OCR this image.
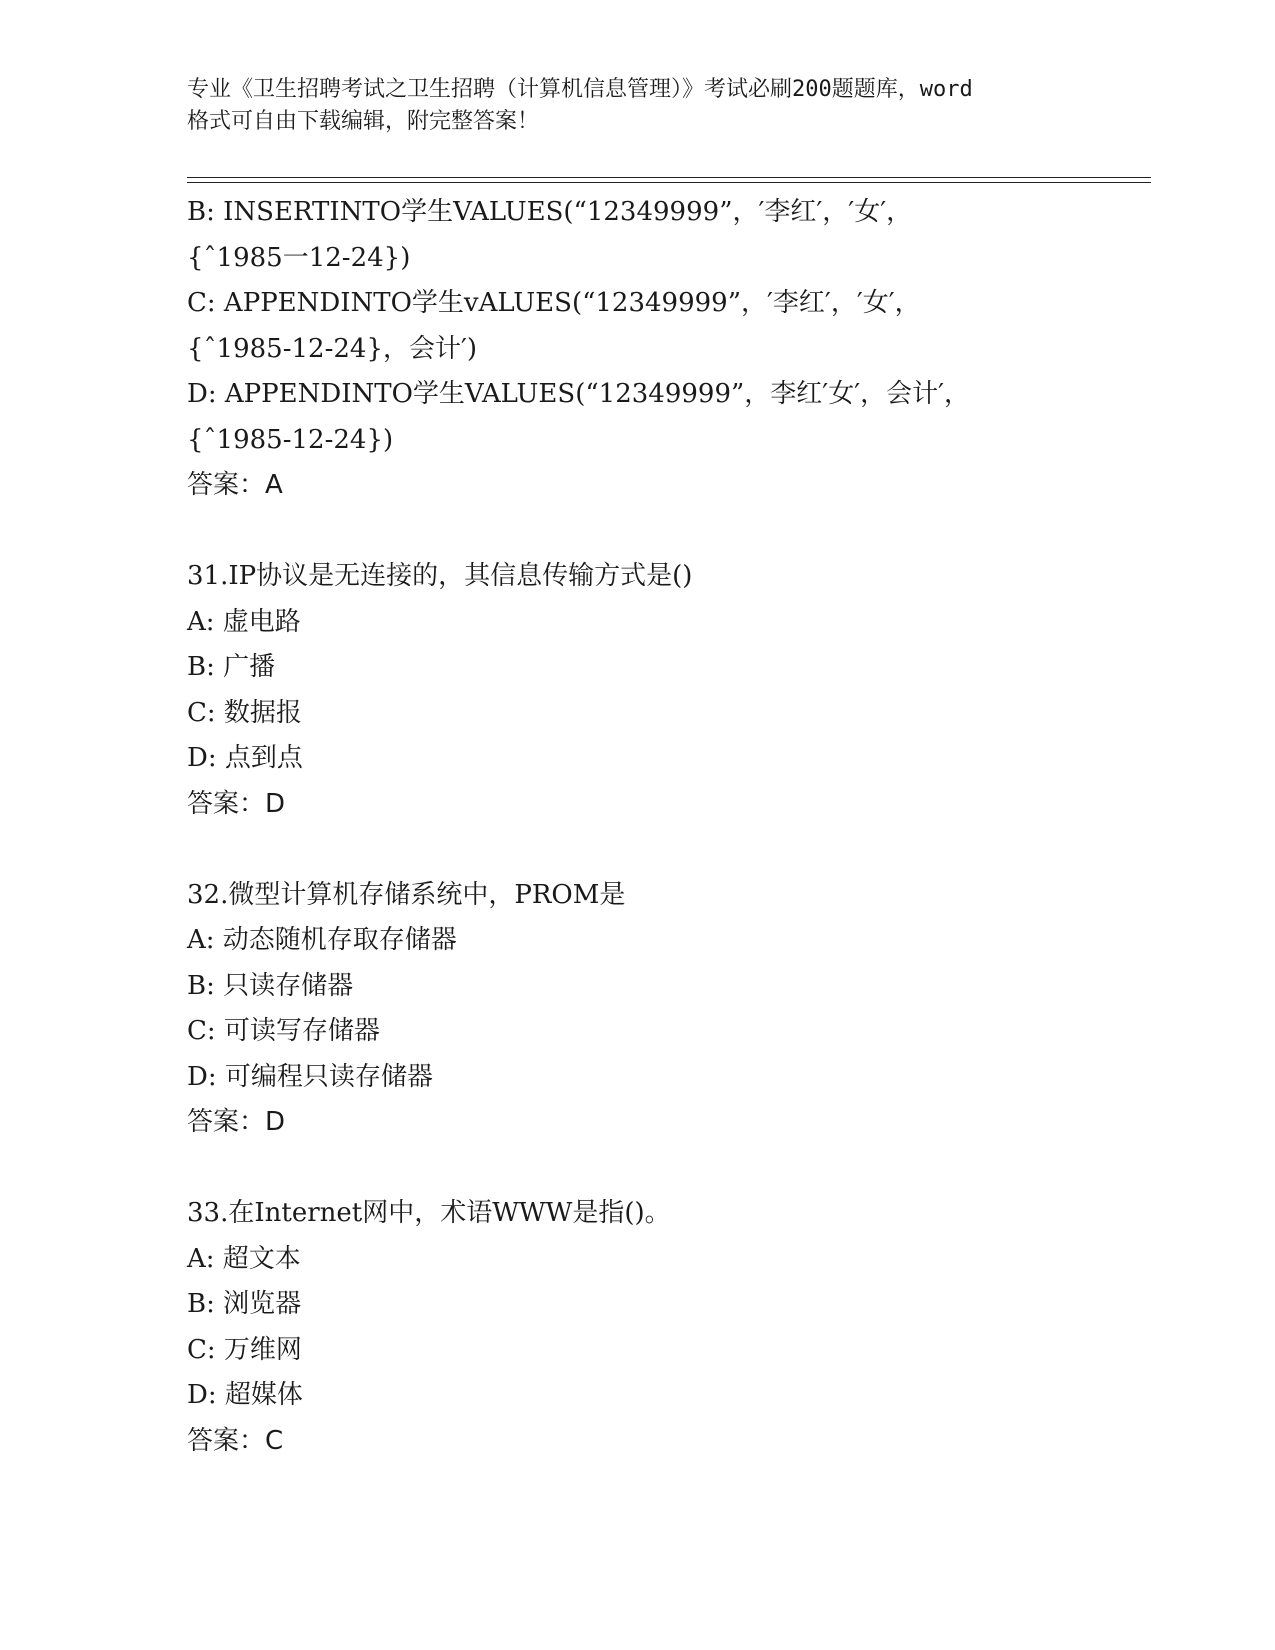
专业《卫生招聘考试之卫生招聘（计算机信息管理）》考试必刷200题题库，word
格式可自由下载编辑，附完整答案！
B: INSERTINTO学生VALUES(“12349999”，′李红′，′女′，
{ˆ1985一12-24})
C: APPENDINTO学生vALUES(“12349999”，′李红′，′女′，
{ˆ1985-12-24}，会计′)
D: APPENDINTO学生VALUES(“12349999”，李红′女′，会计′，
{ˆ1985-12-24})
答案：A
31.IP协议是无连接的，其信息传输方式是()
A: 虚电路
B: 广播
C: 数据报
D: 点到点
答案：D
32.微型计算机存储系统中，PROM是
A: 动态随机存取存储器
B: 只读存储器
C: 可读写存储器
D: 可编程只读存储器
答案：D
33.在Internet网中，术语WWW是指()。
A: 超文本
B: 浏览器
C: 万维网
D: 超媒体
答案：C
